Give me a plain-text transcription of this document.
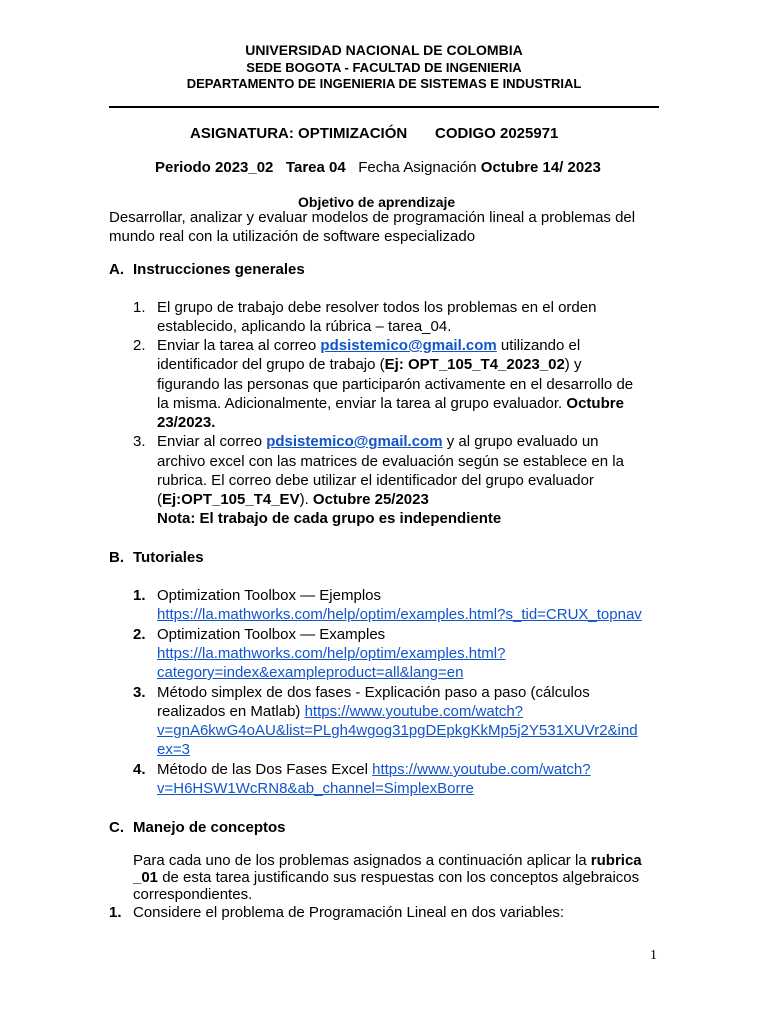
UNIVERSIDAD NACIONAL DE COLOMBIA
SEDE BOGOTA - FACULTAD DE INGENIERIA
DEPARTAMENTO DE INGENIERIA DE SISTEMAS E INDUSTRIAL
ASIGNATURA: OPTIMIZACIÓN CODIGO 2025971
Periodo 2023_02 Tarea 04 Fecha Asignación Octubre 14/ 2023
Objetivo de aprendizaje
Desarrollar, analizar y evaluar modelos de programación lineal a problemas del
mundo real con la utilización de software especializado
A. Instrucciones generales
1. El grupo de trabajo debe resolver todos los problemas en el orden
establecido, aplicando la rúbrica – tarea_04.
2. Enviar la tarea al correo pdsistemico@gmail.com utilizando el
identificador del grupo de trabajo (Ej: OPT_105_T4_2023_02) y
figurando las personas que participarón activamente en el desarrollo de
la misma. Adicionalmente, enviar la tarea al grupo evaluador. Octubre
23/2023.
3. Enviar al correo pdsistemico@gmail.com y al grupo evaluado un
archivo excel con las matrices de evaluación según se establece en la
rubrica. El correo debe utilizar el identificador del grupo evaluador
(Ej:OPT_105_T4_EV). Octubre 25/2023
Nota: El trabajo de cada grupo es independiente
B. Tutoriales
1. Optimization Toolbox — Ejemplos
https://la.mathworks.com/help/optim/examples.html?s_tid=CRUX_topnav
2. Optimization Toolbox — Examples
https://la.mathworks.com/help/optim/examples.html?
category=index&exampleproduct=all&lang=en
3. Método simplex de dos fases - Explicación paso a paso (cálculos
realizados en Matlab) https://www.youtube.com/watch?
v=gnA6kwG4oAU&list=PLgh4wgog31pgDEpkgKkMp5j2Y531XUVr2&ind
ex=3
4. Método de las Dos Fases Excel https://www.youtube.com/watch?
v=H6HSW1WcRN8&ab_channel=SimplexBorre
C. Manejo de conceptos
Para cada uno de los problemas asignados a continuación aplicar la rubrica
_01 de esta tarea justificando sus respuestas con los conceptos algebraicos
correspondientes.
1. Considere el problema de Programación Lineal en dos variables:
1
